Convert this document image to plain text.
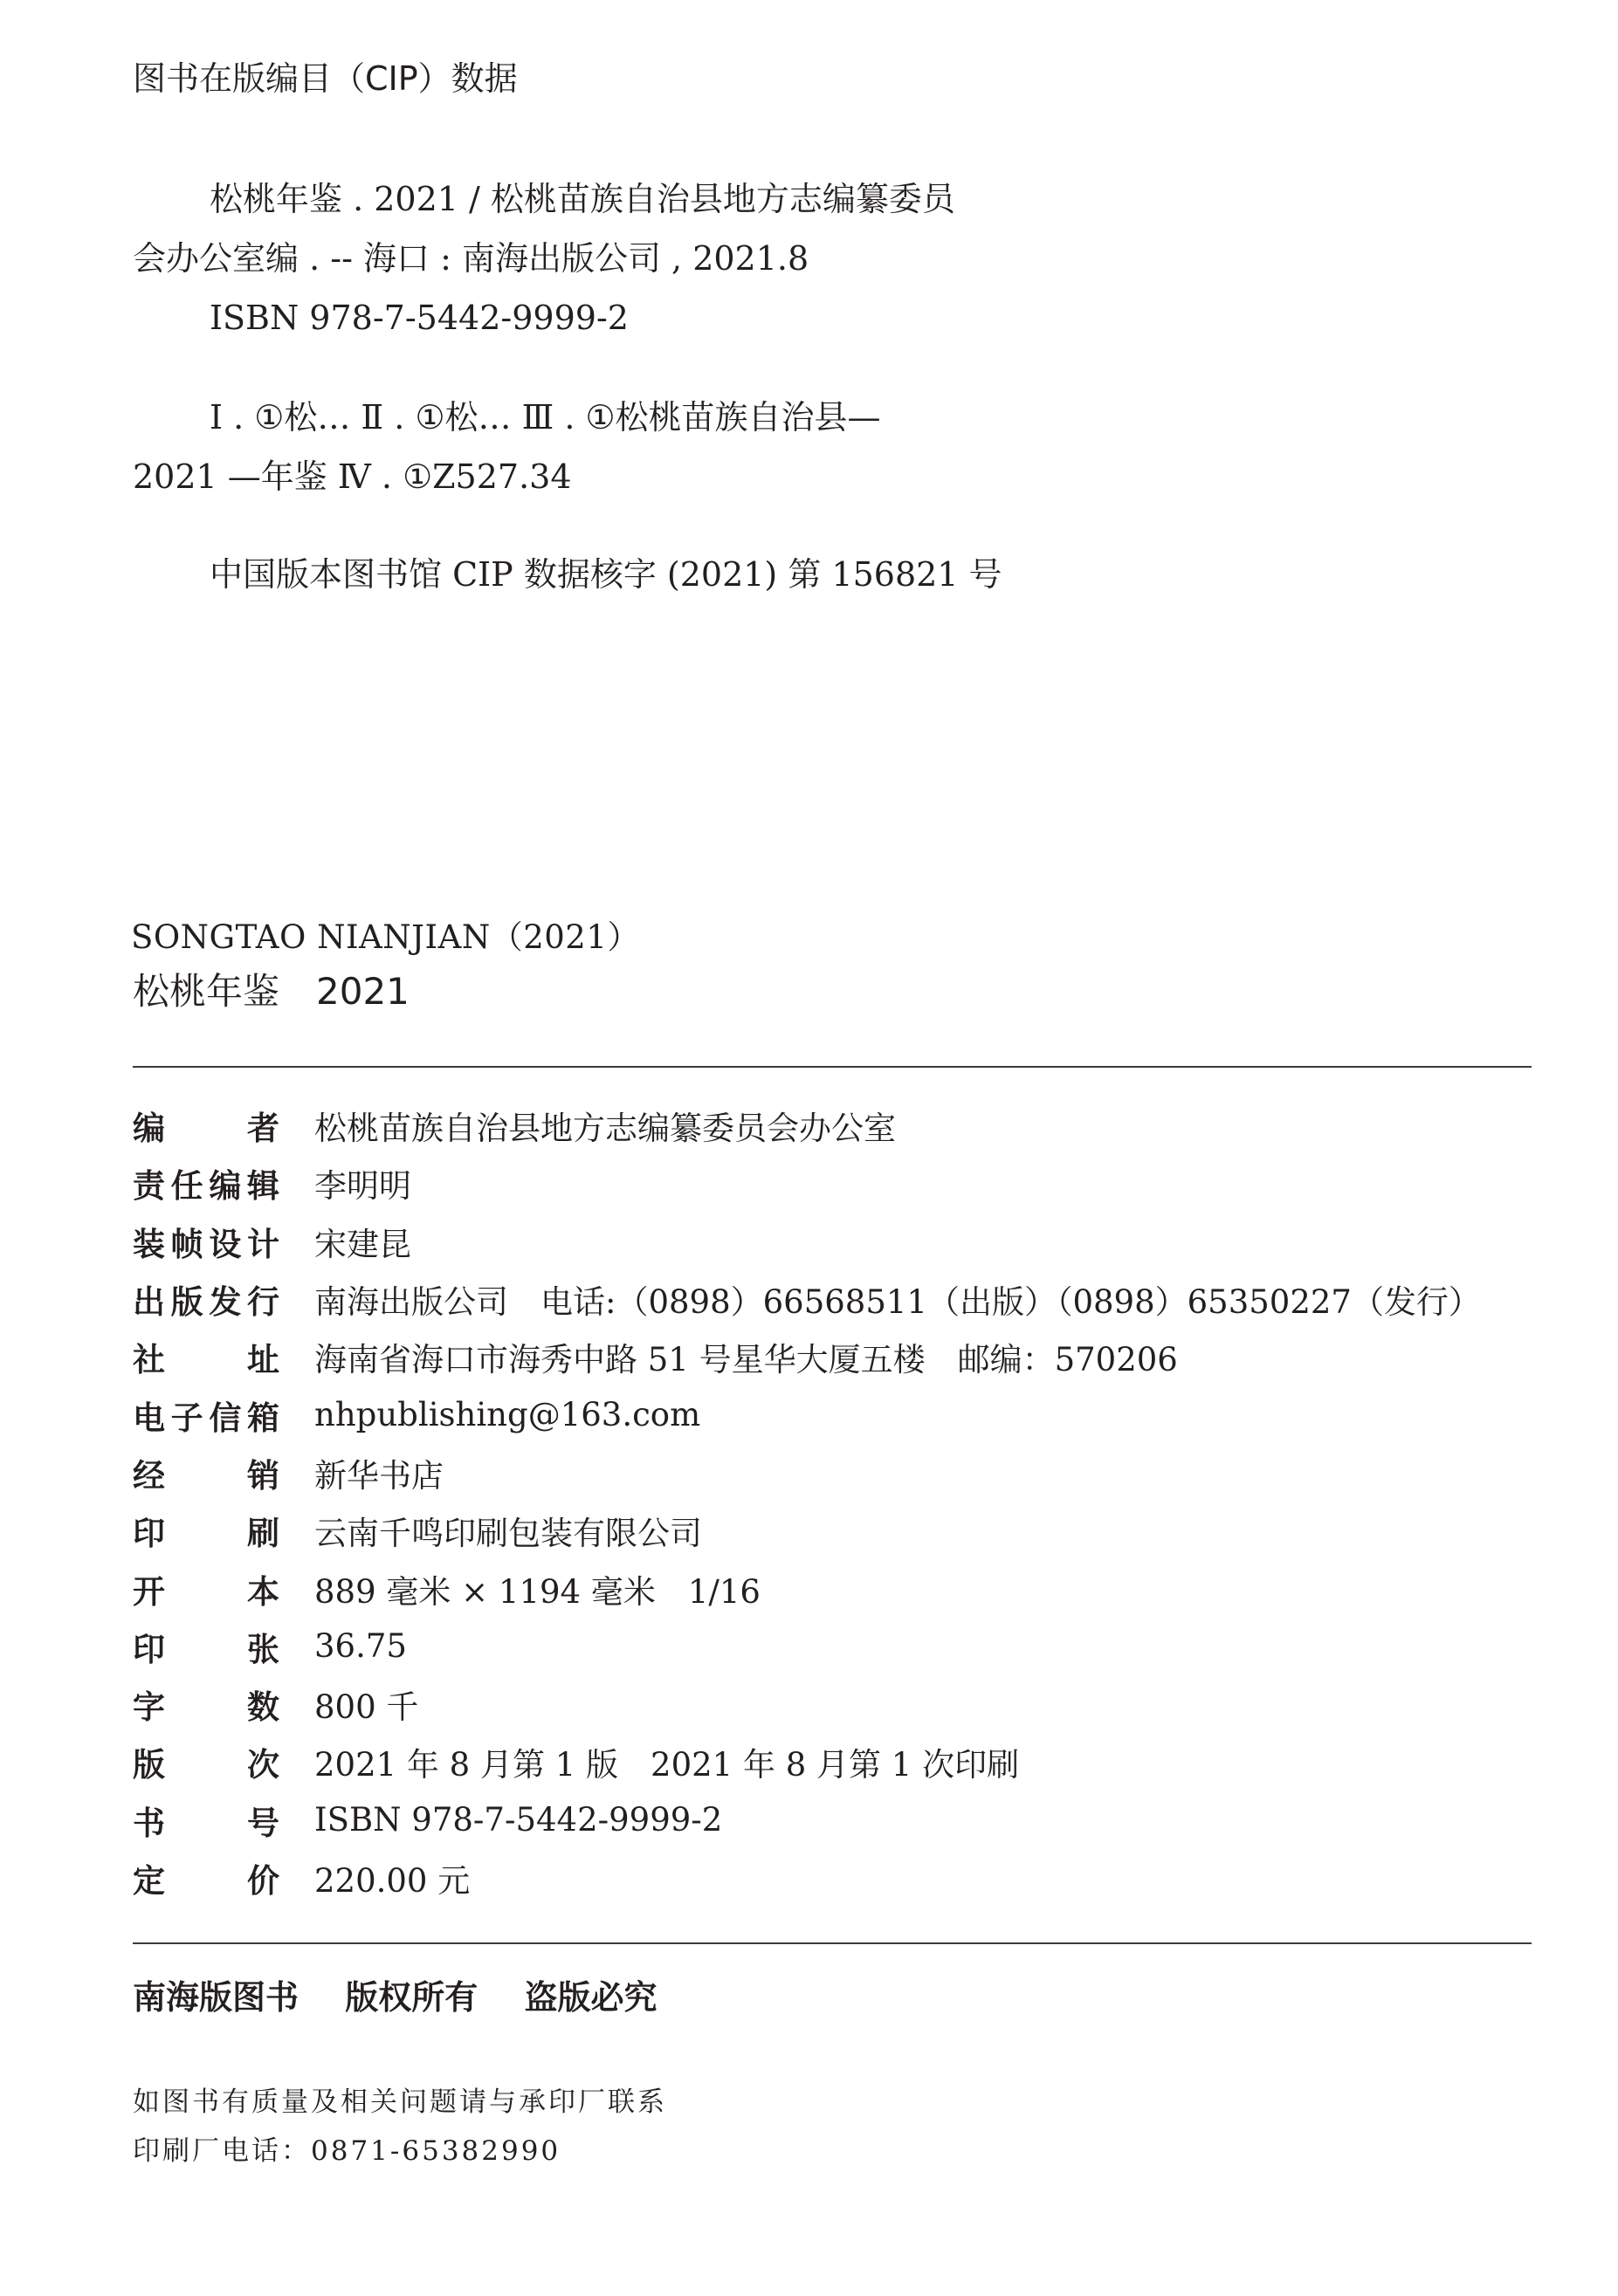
图书在版编目（CIP）数据
松桃年鉴 . 2021 / 松桃苗族自治县地方志编纂委员
会办公室编 . -- 海口 : 南海出版公司 , 2021.8
ISBN 978-7-5442-9999-2
Ⅰ . ①松… Ⅱ . ①松… Ⅲ . ①松桃苗族自治县—
2021 —年鉴 Ⅳ . ①Z527.34
中国版本图书馆 CIP 数据核字 (2021) 第 156821 号
SONGTAO NIANJIAN（2021）
松桃年鉴　2021
编者 松桃苗族自治县地方志编纂委员会办公室
责任编辑 李明明
装帧设计 宋建昆
出版发行 南海出版公司　电话:（0898）66568511（出版）（0898）65350227（发行）
社址 海南省海口市海秀中路 51 号星华大厦五楼　邮编：570206
电子信箱 nhpublishing@163.com
经销 新华书店
印刷 云南千鸣印刷包装有限公司
开本 889 毫米 × 1194 毫米　1/16
印张 36.75
字数 800 千
版次 2021 年 8 月第 1 版　2021 年 8 月第 1 次印刷
书号 ISBN 978-7-5442-9999-2
定价 220.00 元
南海版图书 版权所有 盗版必究
如图书有质量及相关问题请与承印厂联系
印刷厂电话：0871-65382990
